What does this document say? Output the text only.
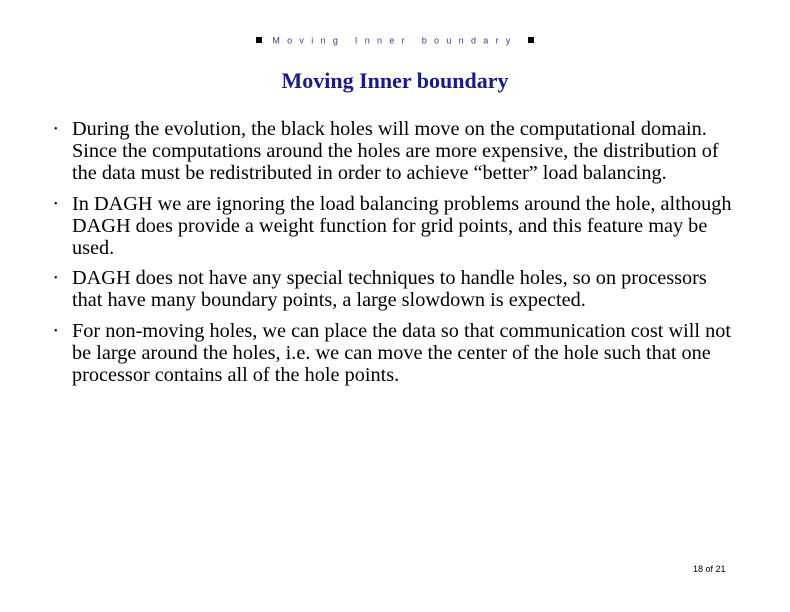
Moving Inner boundary
Moving Inner boundary
• During the evolution, the black holes will move on the computational domain. Since the computations around the holes are more expensive, the distribution of the data must be redistributed in order to achieve “better” load balancing.
• In DAGH we are ignoring the load balancing problems around the hole, although DAGH does provide a weight function for grid points, and this feature may be used.
• DAGH does not have any special techniques to handle holes, so on processors that have many boundary points, a large slowdown is expected.
• For non-moving holes, we can place the data so that communication cost will not be large around the holes, i.e. we can move the center of the hole such that one processor contains all of the hole points.
18 of 21
